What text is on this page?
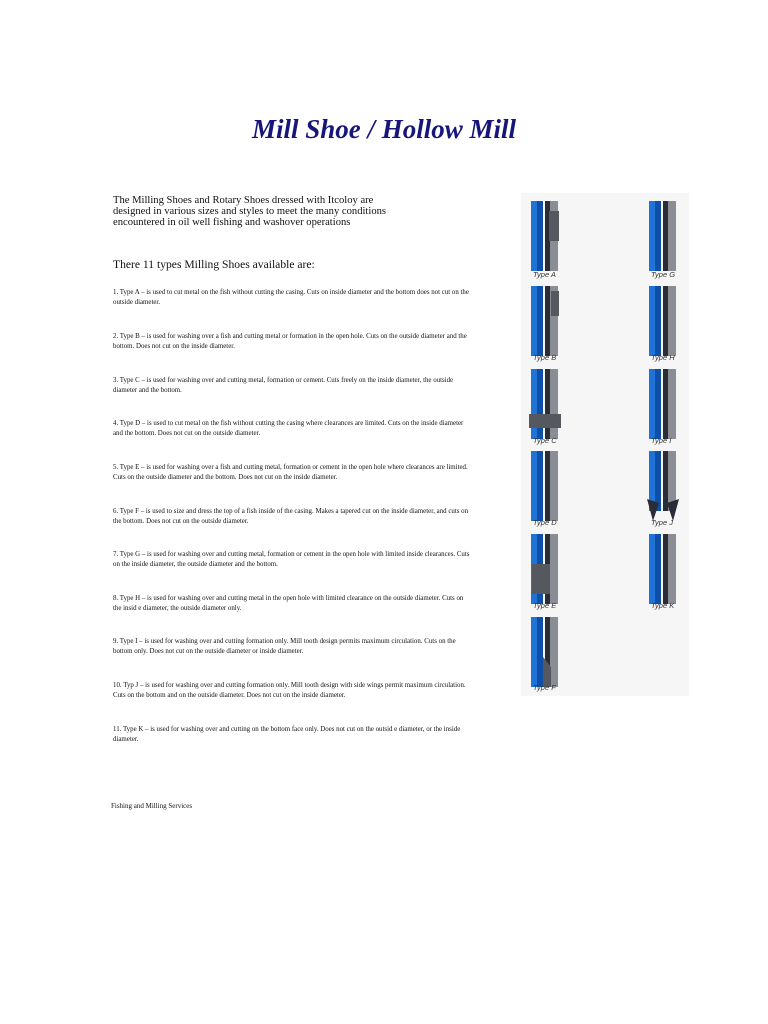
Mill Shoe / Hollow Mill
The Milling Shoes and Rotary Shoes dressed with Itcoloy are designed in various sizes and styles to meet the many conditions encountered in oil well fishing and washover operations
There 11 types Milling Shoes available are:
1. Type A – is used to cut metal on the fish without cutting the casing. Cuts on inside diameter and the bottom does not cut on the outside diameter.
2. Type B – is used for washing over a fish and cutting metal or formation in the open hole. Cuts on the outside diameter and the bottom. Does not cut on the inside diameter.
3. Type C – is used for washing over and cutting metal, formation or cement. Cuts freely on the inside diameter, the outside diameter and the bottom.
4. Type D – is used to cut metal on the fish without cutting the casing where clearances are limited. Cuts on the inside diameter and the bottom. Does not cut on the outside diameter.
5. Type E – is used for washing over a fish and cutting metal, formation or cement in the open hole where clearances are limited. Cuts on the outside diameter and the bottom. Does not cut on the inside diameter.
6. Type F – is used to size and dress the top of a fish inside of the casing. Makes a tapered cut on the inside diameter, and cuts on the bottom. Does not cut on the outside diameter.
7. Type G – is used for washing over and cutting metal, formation or cement in the open hole with limited inside clearances. Cuts on the inside diameter, the outside diameter and the bottom.
8. Type H – is used for washing over and cutting metal in the open hole with limited clearance on the outside diameter. Cuts on the insid e diameter, the outside diameter only.
9. Type I – is used for washing over and cutting formation only. Mill tooth design permits maximum circulation. Cuts on the bottom only. Does not cut on the outside diameter or inside diameter.
10. Typ J – is used for washing over and cutting formation only. Mill tooth design with side wings permit maximum circulation. Cuts on the bottom and on the outside diameter. Does not cut on the inside diameter.
11. Type K – is used for washing over and cutting on the bottom face only. Does not cut on the outsid e diameter, or the inside diameter.
Fishing and Milling Services
Type A
Type B
Type C
Type D
Type E
Type F
Type G
Type H
Type I
Type J
Type K
